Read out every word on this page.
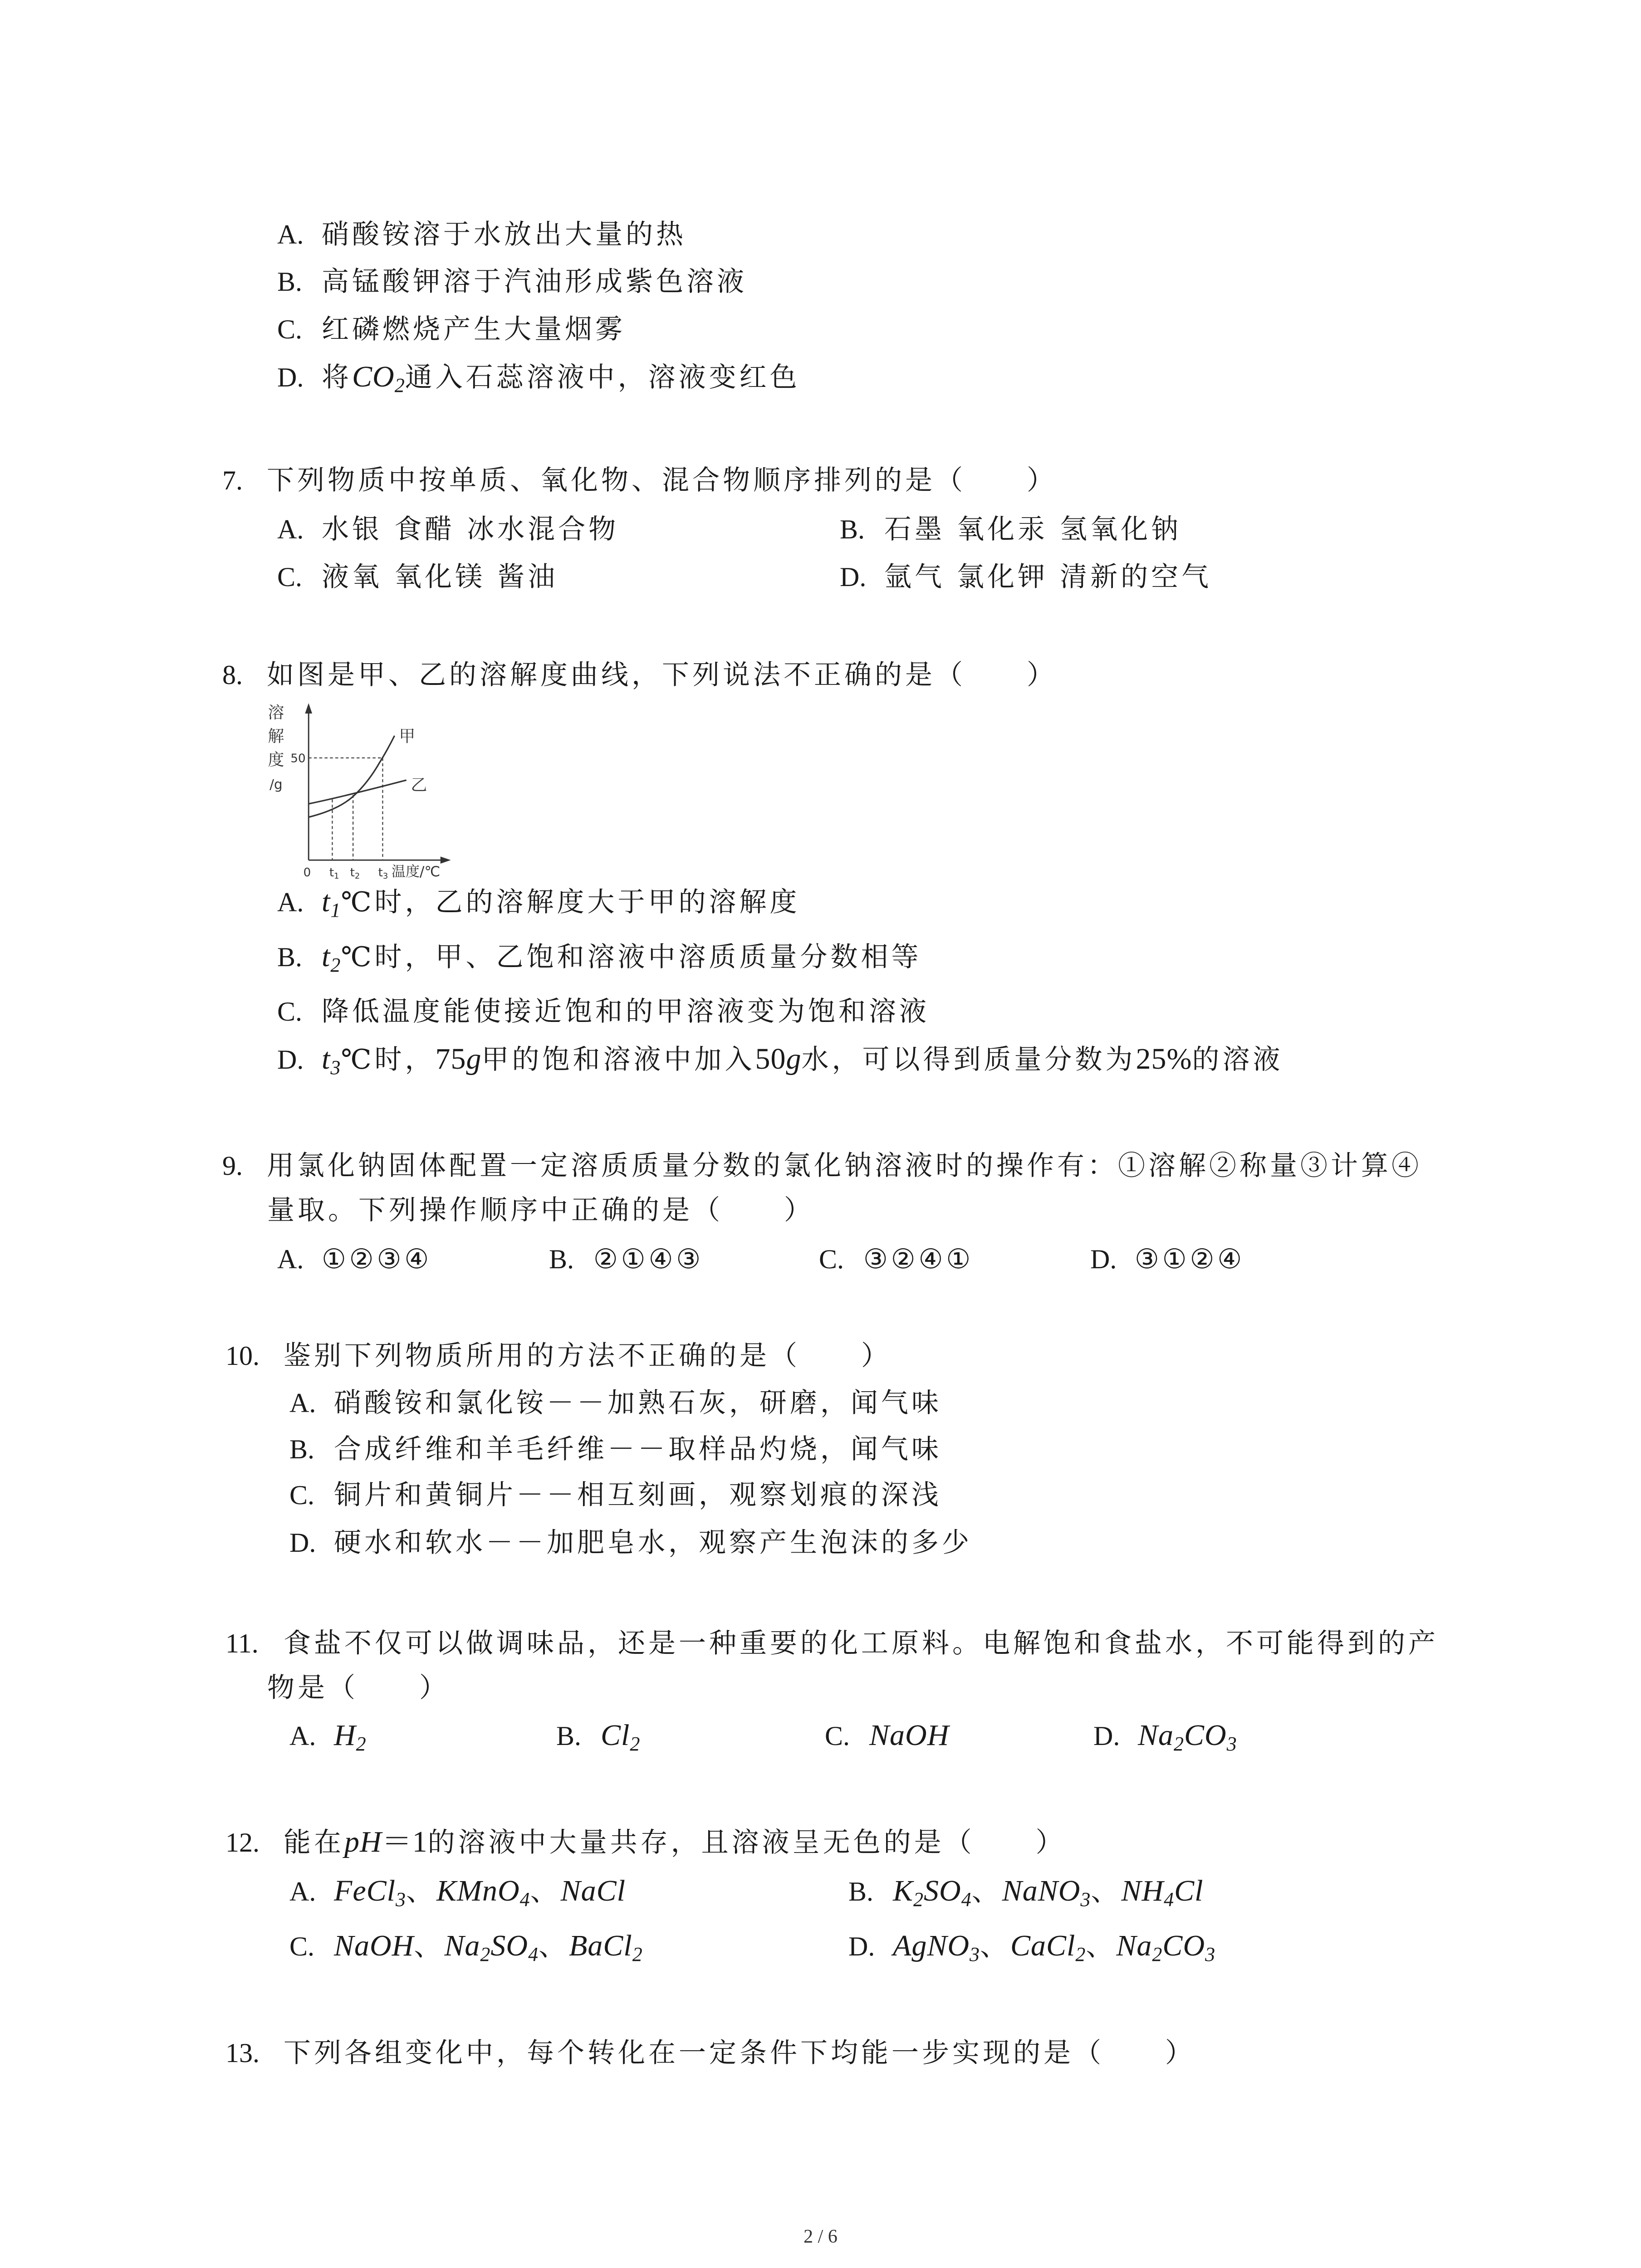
A. 硝酸铵溶于水放出大量的热
B. 高锰酸钾溶于汽油形成紫色溶液
C. 红磷燃烧产生大量烟雾
D. 将$CO_2$通入石蕊溶液中，溶液变红色
7. 下列物质中按单质、氧化物、混合物顺序排列的是（　　）
A. 水银 食醋 冰水混合物	B. 石墨 氧化汞 氢氧化钠
C. 液氧 氧化镁 酱油	D. 氩气 氯化钾 清新的空气
8. 如图是甲、乙的溶解度曲线，下列说法不正确的是（　　）
甲
乙
溶
解
度
/g
50
0	t1	t2	t3 温度/℃
A. $t_1℃$时，乙的溶解度大于甲的溶解度
B. $t_2℃$时，甲、乙饱和溶液中溶质质量分数相等
C. 降低温度能使接近饱和的甲溶液变为饱和溶液
D. $t_3℃$时，75g甲的饱和溶液中加入50g水，可以得到质量分数为25%的溶液
9. 用氯化钠固体配置一定溶质质量分数的氯化钠溶液时的操作有：①溶解②称量③计算④
量取。下列操作顺序中正确的是（　　）
A. ①②③④	B. ②①④③	C. ③②④①	D. ③①②④
10. 鉴别下列物质所用的方法不正确的是（　　）
A. 硝酸铵和氯化铵－－加熟石灰，研磨，闻气味
B. 合成纤维和羊毛纤维－－取样品灼烧，闻气味
C. 铜片和黄铜片－－相互刻画，观察划痕的深浅
D. 硬水和软水－－加肥皂水，观察产生泡沫的多少
11. 食盐不仅可以做调味品，还是一种重要的化工原料。电解饱和食盐水，不可能得到的产
物是（　　）
A. $H_2$	B. $Cl_2$	C. NaOH	D. $Na_2CO_3$
12. 能在pH＝1的溶液中大量共存，且溶液呈无色的是（　　）
A. FeCl$_3$、KMnO$_4$、NaCl	B. $K_2SO_4$、NaNO$_3$、$NH_4Cl$
C. NaOH、$Na_2SO_4$、BaCl$_2$	D. AgNO$_3$、CaCl$_2$、$Na_2CO_3$
13. 下列各组变化中，每个转化在一定条件下均能一步实现的是（　　）
2 / 6
